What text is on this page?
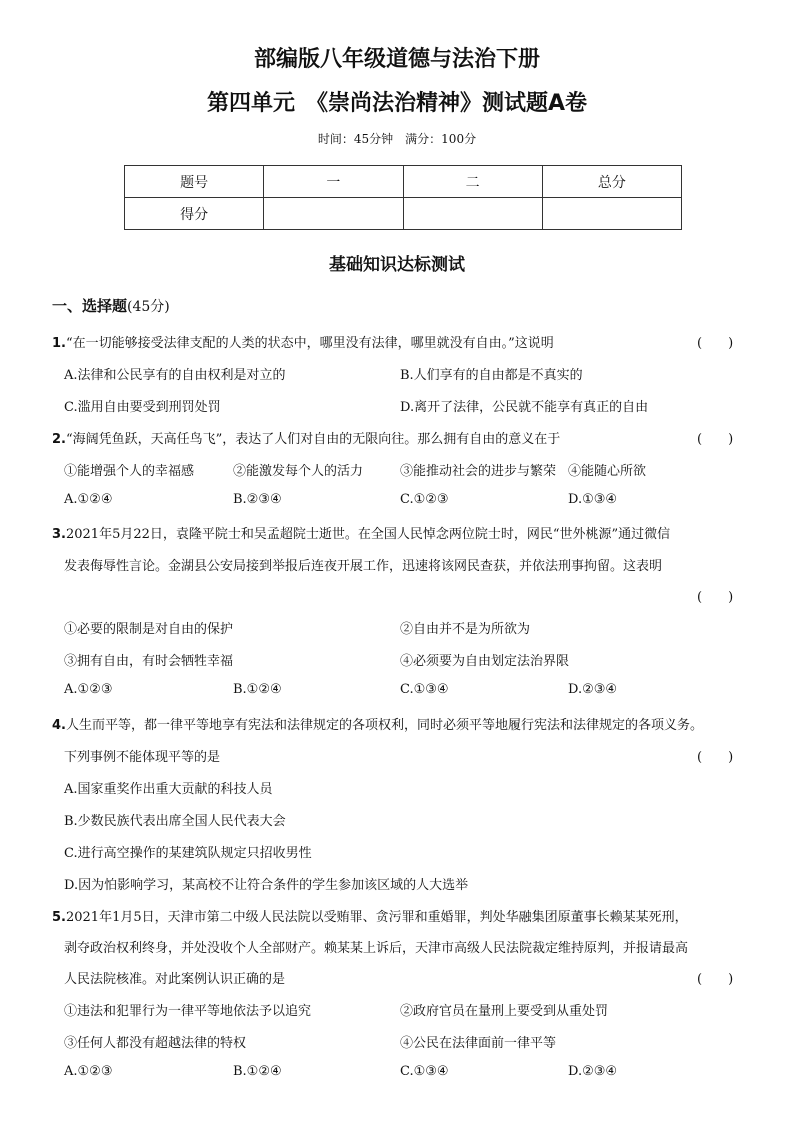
部编版八年级道德与法治下册
第四单元　《崇尚法治精神》测试题A卷
时间：45分钟　满分：100分
题号	一	二	总分
得分			
基础知识达标测试
一、选择题(45分)
1.“在一切能够接受法律支配的人类的状态中，哪里没有法律，哪里就没有自由。”这说明	(　　)
A.法律和公民享有的自由权利是对立的	B.人们享有的自由都是不真实的
C.滥用自由要受到刑罚处罚	D.离开了法律，公民就不能享有真正的自由
2.“海阔凭鱼跃，天高任鸟飞”，表达了人们对自由的无限向往。那么拥有自由的意义在于	(　　)
①能增强个人的幸福感	②能激发每个人的活力	③能推动社会的进步与繁荣 ④能随心所欲
A.①②④	B.②③④	C.①②③	D.①③④
3.2021年5月22日，袁隆平院士和吴孟超院士逝世。在全国人民悼念两位院士时，网民“世外桃源”通过微信
发表侮辱性言论。金湖县公安局接到举报后连夜开展工作，迅速将该网民查获，并依法刑事拘留。这表明
(　　)
①必要的限制是对自由的保护	②自由并不是为所欲为
③拥有自由，有时会牺牲幸福	④必须要为自由划定法治界限
A.①②③	B.①②④	C.①③④	D.②③④
4.人生而平等，都一律平等地享有宪法和法律规定的各项权利，同时必须平等地履行宪法和法律规定的各项义务。
下列事例不能体现平等的是	(　　)
A.国家重奖作出重大贡献的科技人员
B.少数民族代表出席全国人民代表大会
C.进行高空操作的某建筑队规定只招收男性
D.因为怕影响学习，某高校不让符合条件的学生参加该区域的人大选举
5.2021年1月5日，天津市第二中级人民法院以受贿罪、贪污罪和重婚罪，判处华融集团原董事长赖某某死刑，
剥夺政治权利终身，并处没收个人全部财产。赖某某上诉后，天津市高级人民法院裁定维持原判，并报请最高
人民法院核准。对此案例认识正确的是	(　　)
①违法和犯罪行为一律平等地依法予以追究	②政府官员在量刑上要受到从重处罚
③任何人都没有超越法律的特权	④公民在法律面前一律平等
A.①②③	B.①②④	C.①③④	D.②③④
